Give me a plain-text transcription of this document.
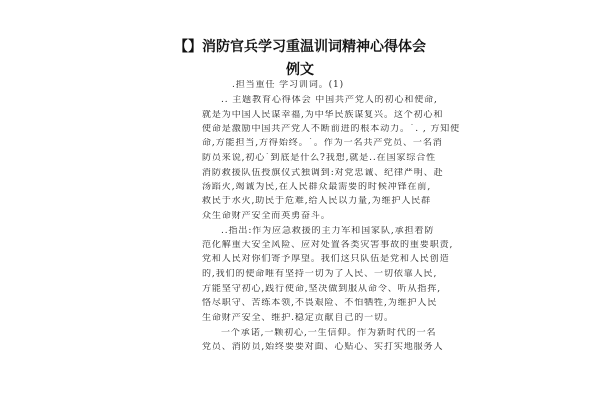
【】消防官兵学习重温训词精神心得体会
例文
.担当重任 学习训词。(1)
.. 主题教育心得体会 中国共产党人的初心和使命,
就是为中国人民谋幸福,为中华民族谋复兴。这个初心和
使命是激励中国共产党人不断前进的根本动力。`. , 方知使
命,方能担当,方得始终。`。作为一名共产党员、一名消
防员来说,初心`到底是什么?我想,就是..在国家综合性
消防救援队伍授旗仪式独调到:对党忠诚、纪律严明、赴
汤蹈火,竭诚为民,在人民群众最需要的时候冲锋在前,
救民于水火,助民于危难,给人民以力量,为维护人民群
众生命财产安全而英勇奋斗。
..指出:作为应急救援的主力军和国家队,承担着防
范化解重大安全风险、应对处置各类灾害事故的重要职责,
党和人民对你们寄予厚望。我们这只队伍是党和人民创造
的,我们的使命唯有坚持一切为了人民、一切依靠人民,
方能坚守初心,践行使命,坚决做到服从命令、听从指挥,
恪尽职守、苦练本领,不畏艰险、不怕牺牲,为维护人民
生命财产安全、维护.稳定贡献自己的一切。
一个承诺,一颗初心,一生信仰。作为新时代的一名
党员、消防员,始终要要对面、心贴心、实打实地服务人
